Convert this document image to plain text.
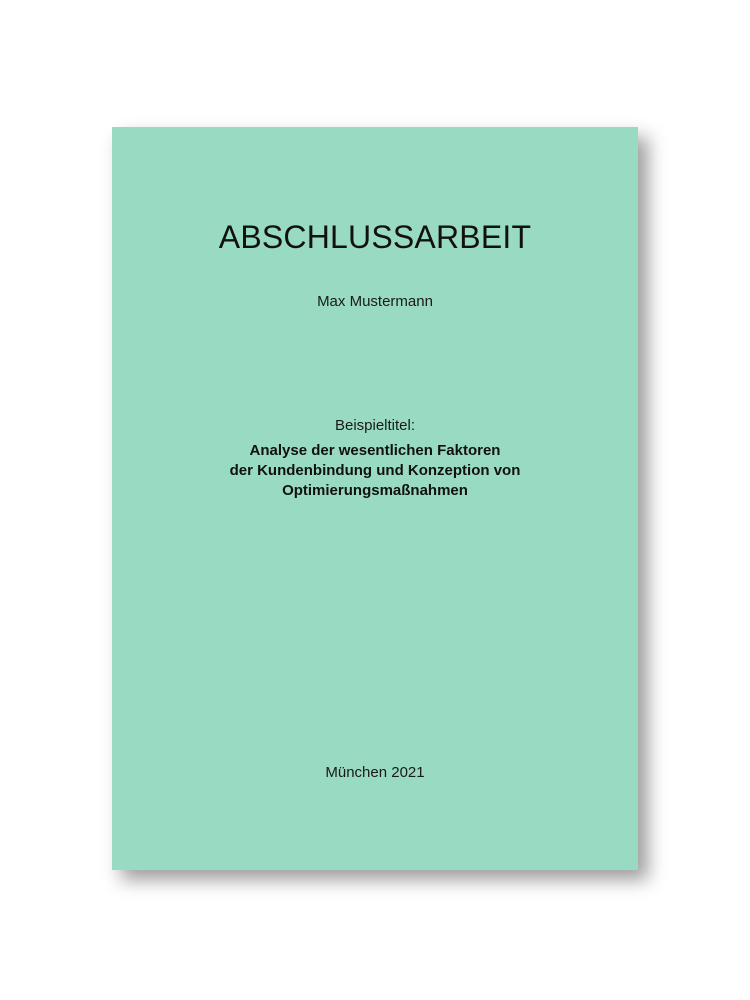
ABSCHLUSSARBEIT
Max Mustermann
Beispieltitel:
Analyse der wesentlichen Faktoren
der Kundenbindung und Konzeption von
Optimierungsmaßnahmen
München 2021
